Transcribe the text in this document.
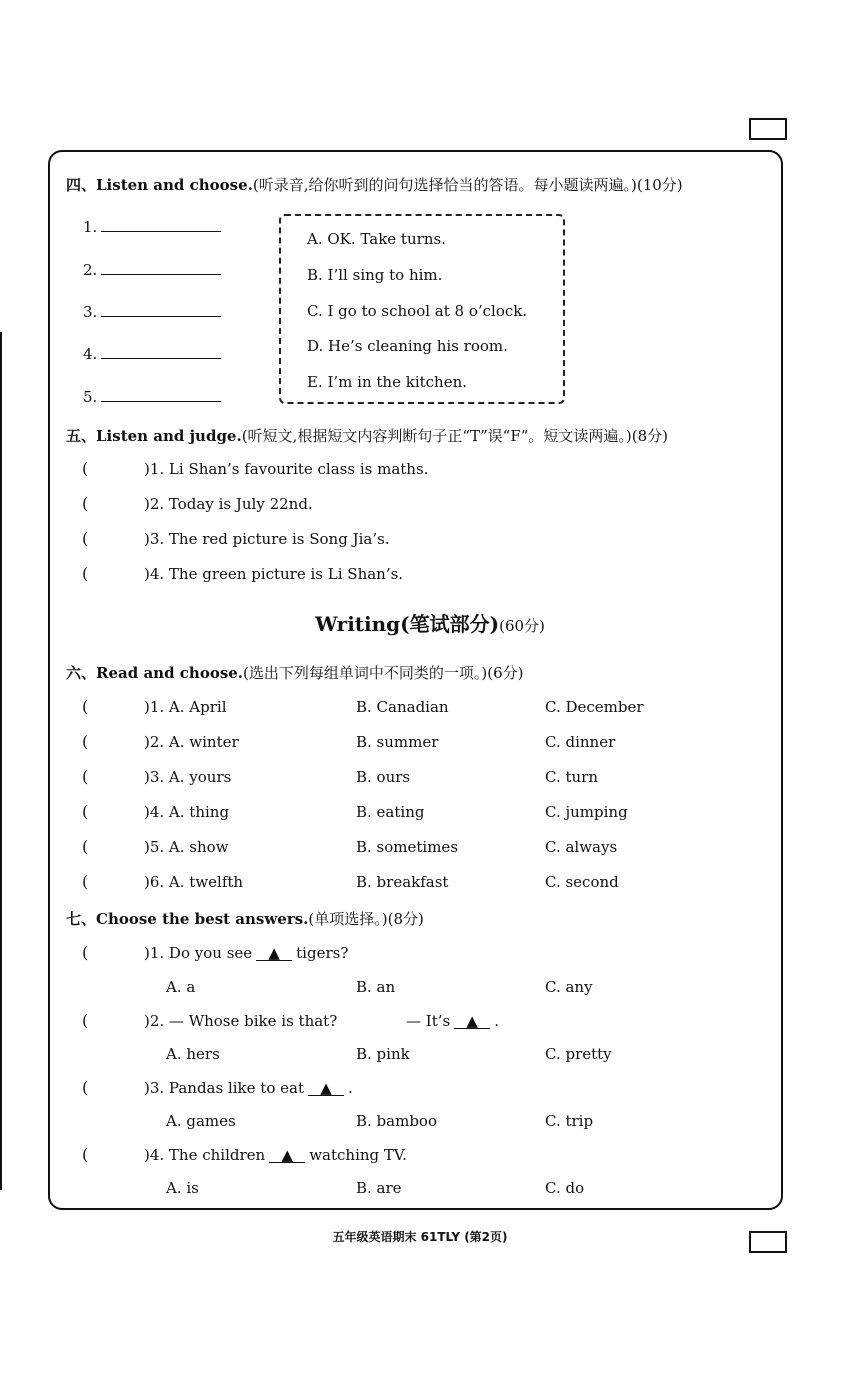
四、Listen and choose.(听录音,给你听到的问句选择恰当的答语。每小题读两遍。)(10分)
1.
2.
3.
4.
5.
A. OK. Take turns.
B. I’ll sing to him.
C. I go to school at 8 o’clock.
D. He’s cleaning his room.
E. I’m in the kitchen.
五、Listen and judge.(听短文,根据短文内容判断句子正“T”误“F”。短文读两遍。)(8分)
(	)1. Li Shan’s favourite class is maths.
(	)2. Today is July 22nd.
(	)3. The red picture is Song Jia’s.
(	)4. The green picture is Li Shan’s.
Writing(笔试部分)(60分)
六、Read and choose.(选出下列每组单词中不同类的一项。)(6分)
(	)1. A. April	B. Canadian	C. December
(	)2. A. winter	B. summer	C. dinner
(	)3. A. yours	B. ours	C. turn
(	)4. A. thing	B. eating	C. jumping
(	)5. A. show	B. sometimes	C. always
(	)6. A. twelfth	B. breakfast	C. second
七、Choose the best answers.(单项选择。)(8分)
(	)1. Do you see ▲ tigers?
A. a	B. an	C. any
(	)2. — Whose bike is that?	— It’s ▲ .
A. hers	B. pink	C. pretty
(	)3. Pandas like to eat ▲ .
A. games	B. bamboo	C. trip
(	)4. The children ▲ watching TV.
A. is	B. are	C. do
五年级英语期末 61TLY (第2页)
